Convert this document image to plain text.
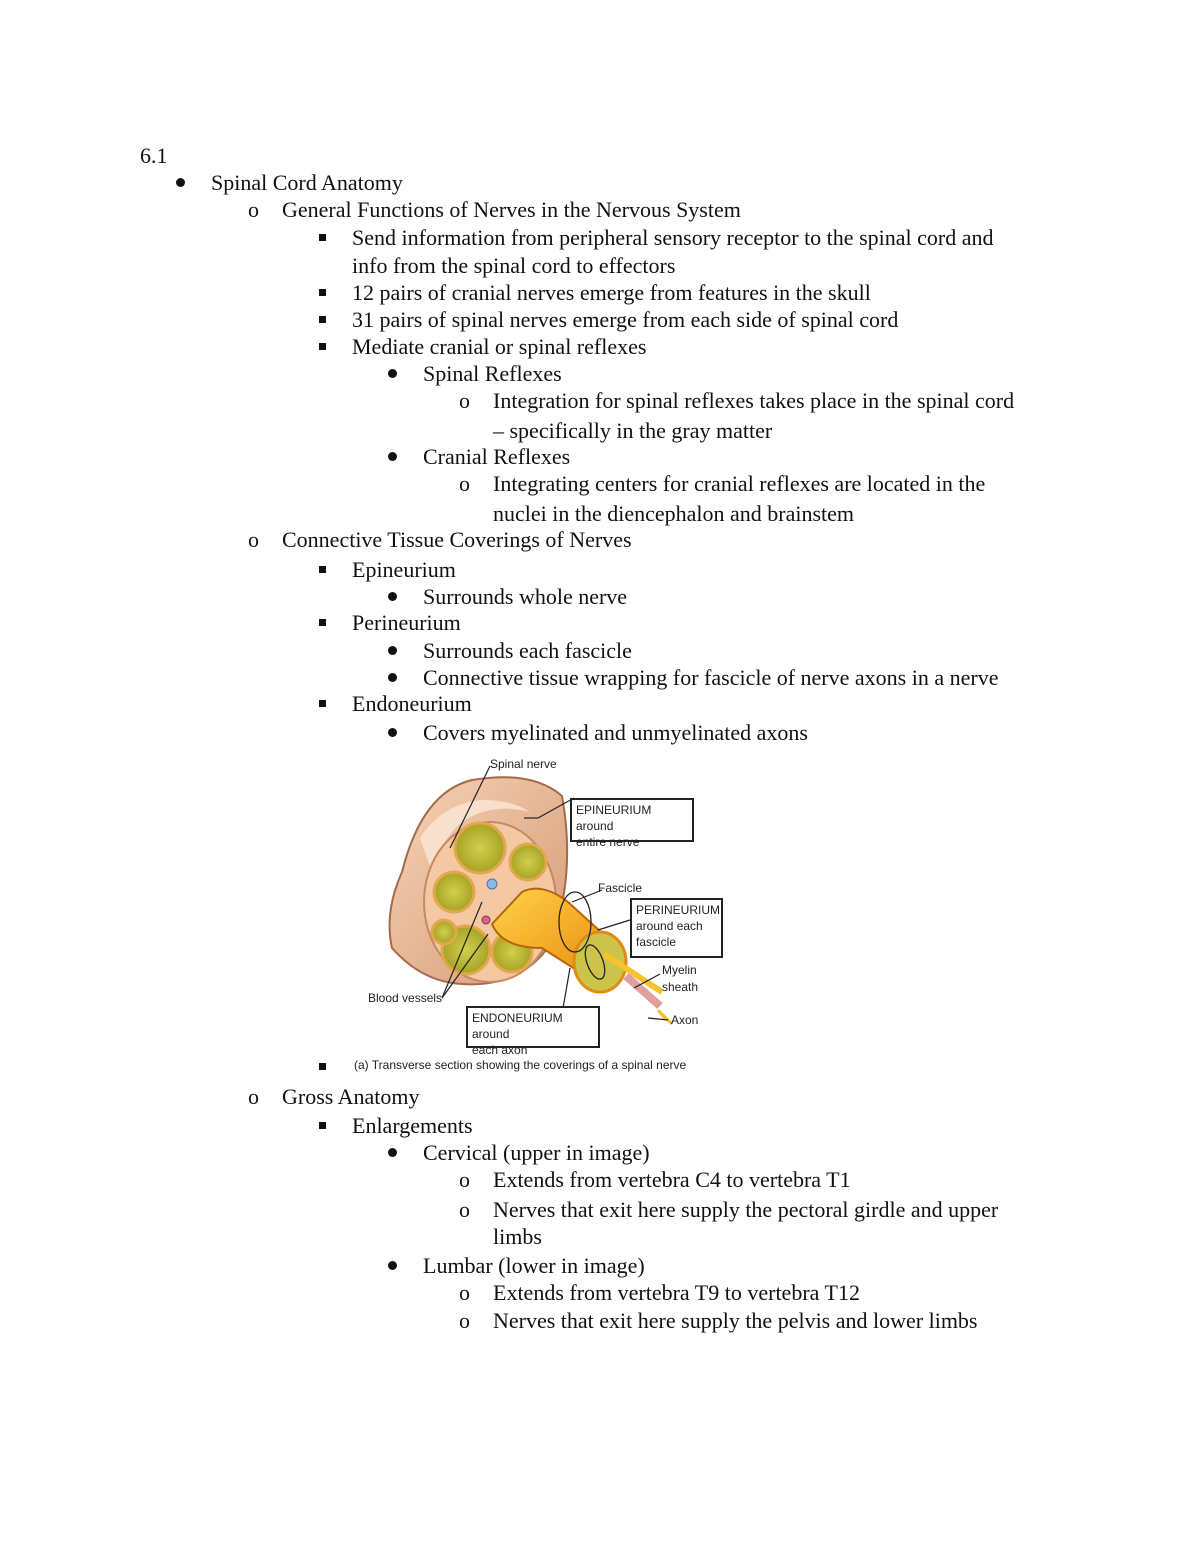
6.1
Spinal Cord Anatomy
o General Functions of Nerves in the Nervous System
Send information from peripheral sensory receptor to the spinal cord and
info from the spinal cord to effectors
12 pairs of cranial nerves emerge from features in the skull
31 pairs of spinal nerves emerge from each side of spinal cord
Mediate cranial or spinal reflexes
Spinal Reflexes
o Integration for spinal reflexes takes place in the spinal cord
– specifically in the gray matter
Cranial Reflexes
o Integrating centers for cranial reflexes are located in the
nuclei in the diencephalon and brainstem
o Connective Tissue Coverings of Nerves
Epineurium
Surrounds whole nerve
Perineurium
Surrounds each fascicle
Connective tissue wrapping for fascicle of nerve axons in a nerve
Endoneurium
Covers myelinated and unmyelinated axons
Spinal nerve
EPINEURIUM around
entire nerve
Fascicle
PERINEURIUM
around each
fascicle
Myelin
sheath
Axon
Blood vessels
ENDONEURIUM around
each axon
(a) Transverse section showing the coverings of a spinal nerve
o Gross Anatomy
Enlargements
Cervical (upper in image)
o Extends from vertebra C4 to vertebra T1
o Nerves that exit here supply the pectoral girdle and upper
limbs
Lumbar (lower in image)
o Extends from vertebra T9 to vertebra T12
o Nerves that exit here supply the pelvis and lower limbs
